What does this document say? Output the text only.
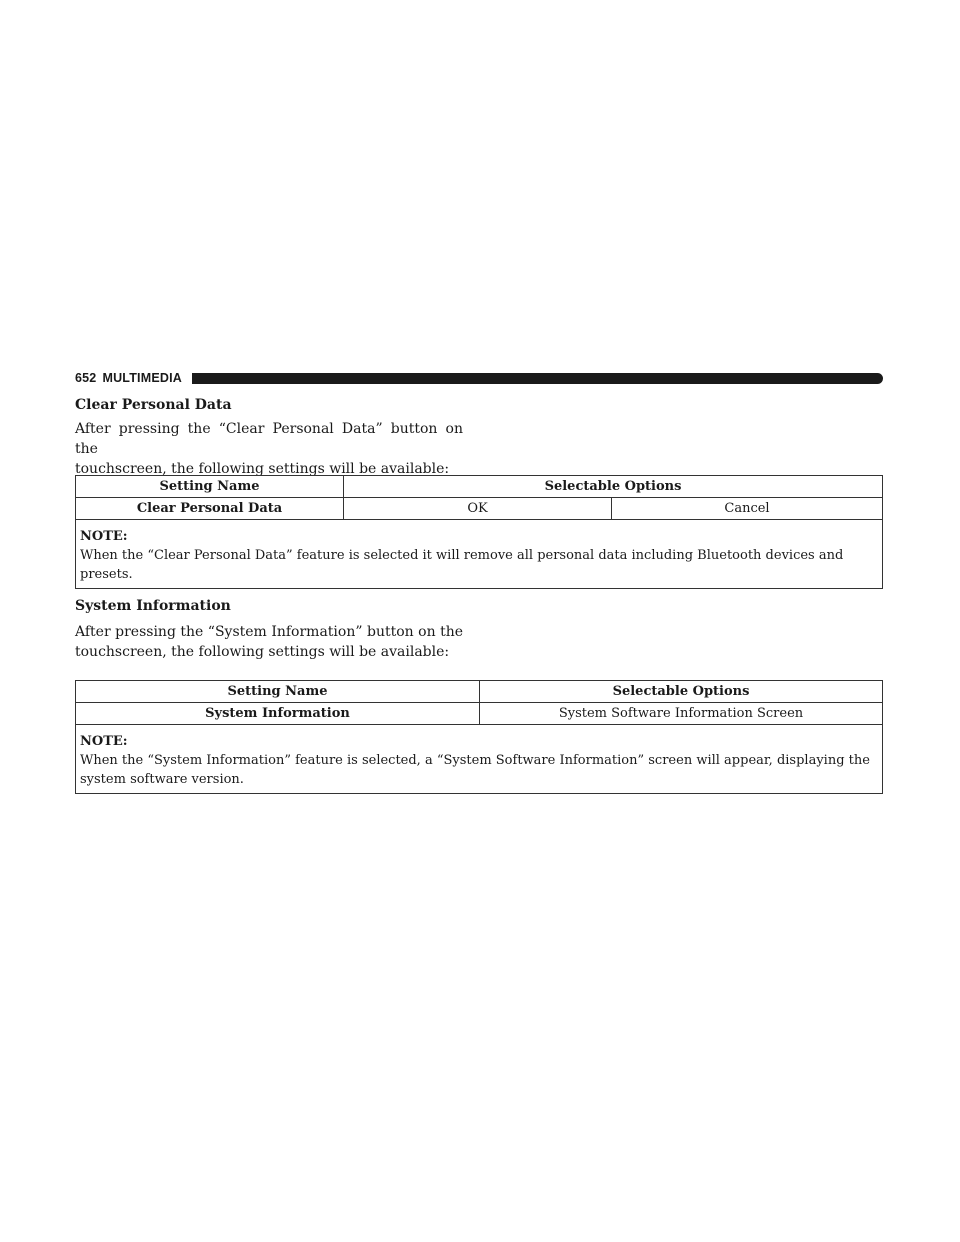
652 MULTIMEDIA
Clear Personal Data
After pressing the “Clear Personal Data” button on the
touchscreen, the following settings will be available:
Setting Name	Selectable Options	
Clear Personal Data	OK	Cancel

NOTE:
When the “Clear Personal Data” feature is selected it will remove all personal data including Bluetooth devices and presets.		
System Information
After pressing the “System Information” button on the
touchscreen, the following settings will be available:
Setting Name	Selectable Options
System Information	System Software Information Screen

NOTE:
When the “System Information” feature is selected, a “System Software Information” screen will appear, displaying the system software version.	
